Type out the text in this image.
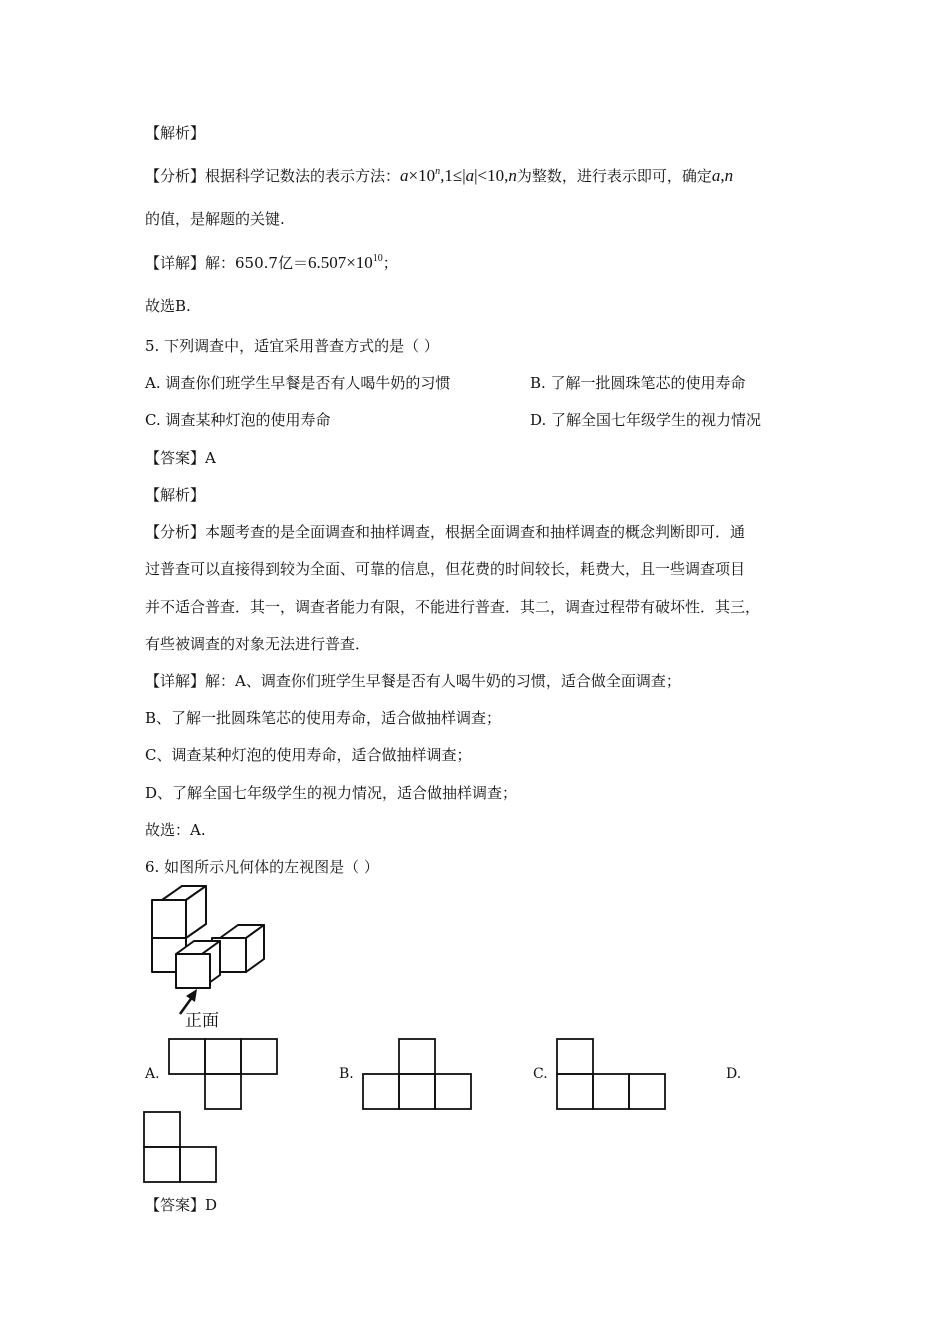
【解析】
【分析】根据科学记数法的表示方法：$a\times 10^n,1\le|a|<10,n$为整数，进行表示即可，确定a,n
的值，是解题的关键.
【详解】解：650.7亿$=6.507\times 10^{10}$；
故选B.
5. 下列调查中，适宜采用普查方式的是（ ）
A. 调查你们班学生早餐是否有人喝牛奶的习惯	B. 了解一批圆珠笔芯的使用寿命
C. 调查某种灯泡的使用寿命	D. 了解全国七年级学生的视力情况
【答案】A
【解析】
【分析】本题考查的是全面调查和抽样调查，根据全面调查和抽样调查的概念判断即可．通
过普查可以直接得到较为全面、可靠的信息，但花费的时间较长，耗费大，且一些调查项目
并不适合普查．其一，调查者能力有限，不能进行普查．其二，调查过程带有破坏性．其三，
有些被调查的对象无法进行普查．
【详解】解：A、调查你们班学生早餐是否有人喝牛奶的习惯，适合做全面调查；
B、了解一批圆珠笔芯的使用寿命，适合做抽样调查；
C、调查某种灯泡的使用寿命，适合做抽样调查；
D、了解全国七年级学生的视力情况，适合做抽样调查；
故选：A.
6. 如图所示凡何体的左视图是（ ）
正面
A.	B.	C.	D.
【答案】D
